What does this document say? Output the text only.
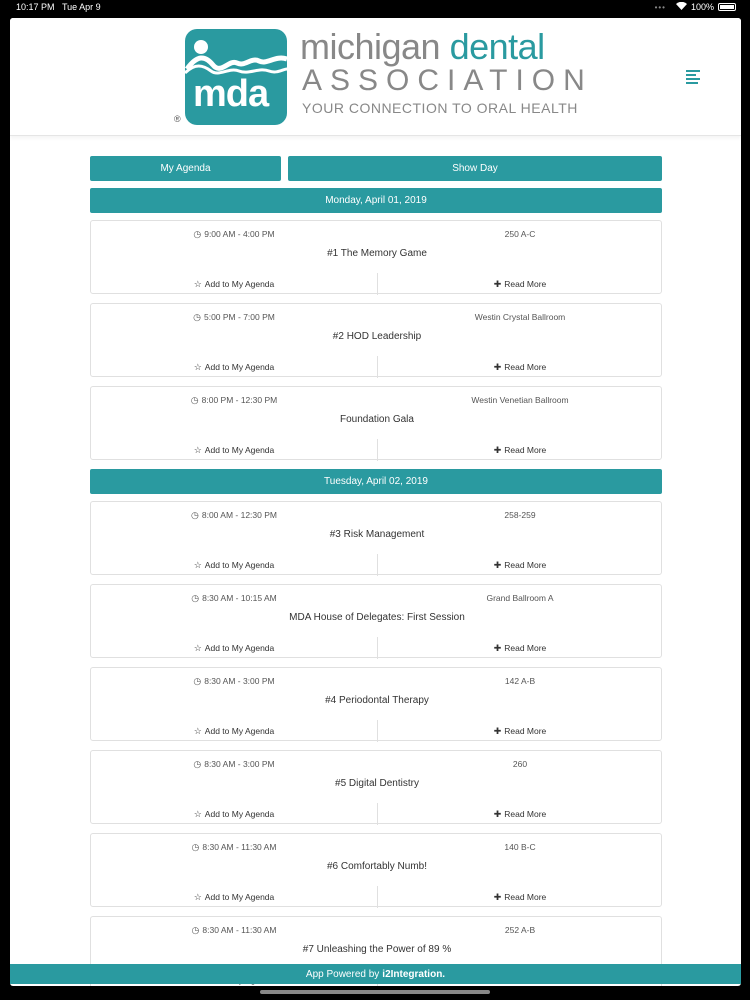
10:17 PM Tue Apr 9	•••	100%
mda
®
michigan dental
ASSOCIATION
YOUR CONNECTION TO ORAL HEALTH
My Agenda	Show Day
Monday, April 01, 2019
◷ 9:00 AM - 4:00 PM	250 A-C
#1 The Memory Game
☆ Add to My Agenda	✚ Read More
◷ 5:00 PM - 7:00 PM	Westin Crystal Ballroom
#2 HOD Leadership
☆ Add to My Agenda	✚ Read More
◷ 8:00 PM - 12:30 PM	Westin Venetian Ballroom
Foundation Gala
☆ Add to My Agenda	✚ Read More
Tuesday, April 02, 2019
◷ 8:00 AM - 12:30 PM	258-259
#3 Risk Management
☆ Add to My Agenda	✚ Read More
◷ 8:30 AM - 10:15 AM	Grand Ballroom A
MDA House of Delegates: First Session
☆ Add to My Agenda	✚ Read More
◷ 8:30 AM - 3:00 PM	142 A-B
#4 Periodontal Therapy
☆ Add to My Agenda	✚ Read More
◷ 8:30 AM - 3:00 PM	260
#5 Digital Dentistry
☆ Add to My Agenda	✚ Read More
◷ 8:30 AM - 11:30 AM	140 B-C
#6 Comfortably Numb!
☆ Add to My Agenda	✚ Read More
◷ 8:30 AM - 11:30 AM	252 A-B
#7 Unleashing the Power of 89 %
App Powered by i2Integration.
